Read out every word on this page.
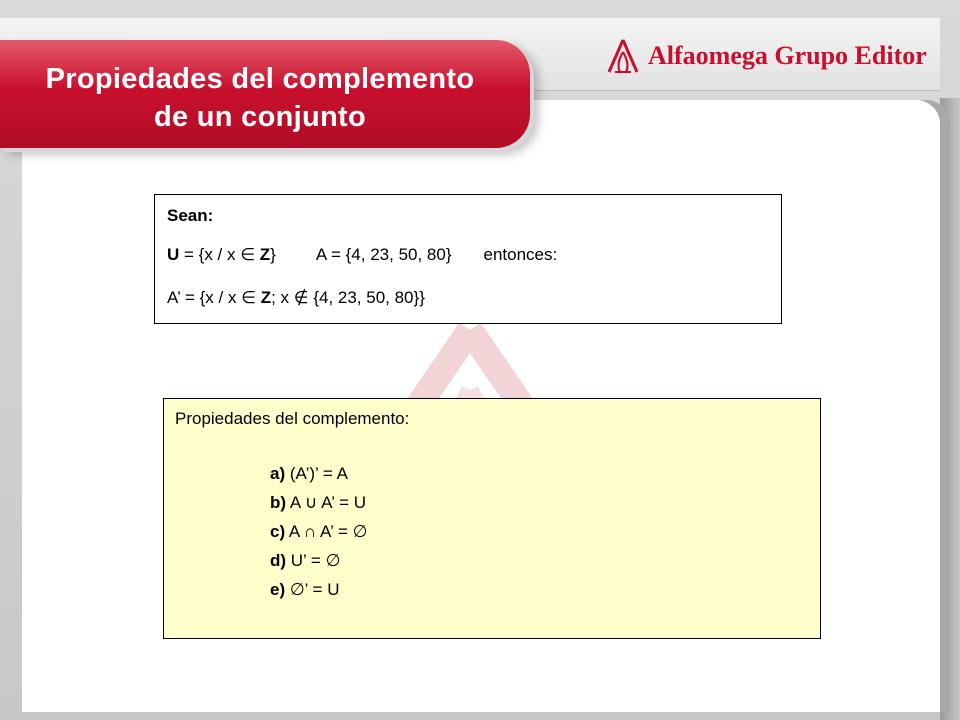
Propiedades del complemento
de un conjunto
Alfaomega Grupo Editor
Sean:
U = {x / x ∈ Z} A = {4, 23, 50, 80} entonces:
A’ = {x / x ∈ Z; x ∉ {4, 23, 50, 80}}
Propiedades del complemento:
a) (A’)’ = A
b) A ∪ A’ = U
c) A ∩ A’ = ∅
d) U’ = ∅
e) ∅’ = U
